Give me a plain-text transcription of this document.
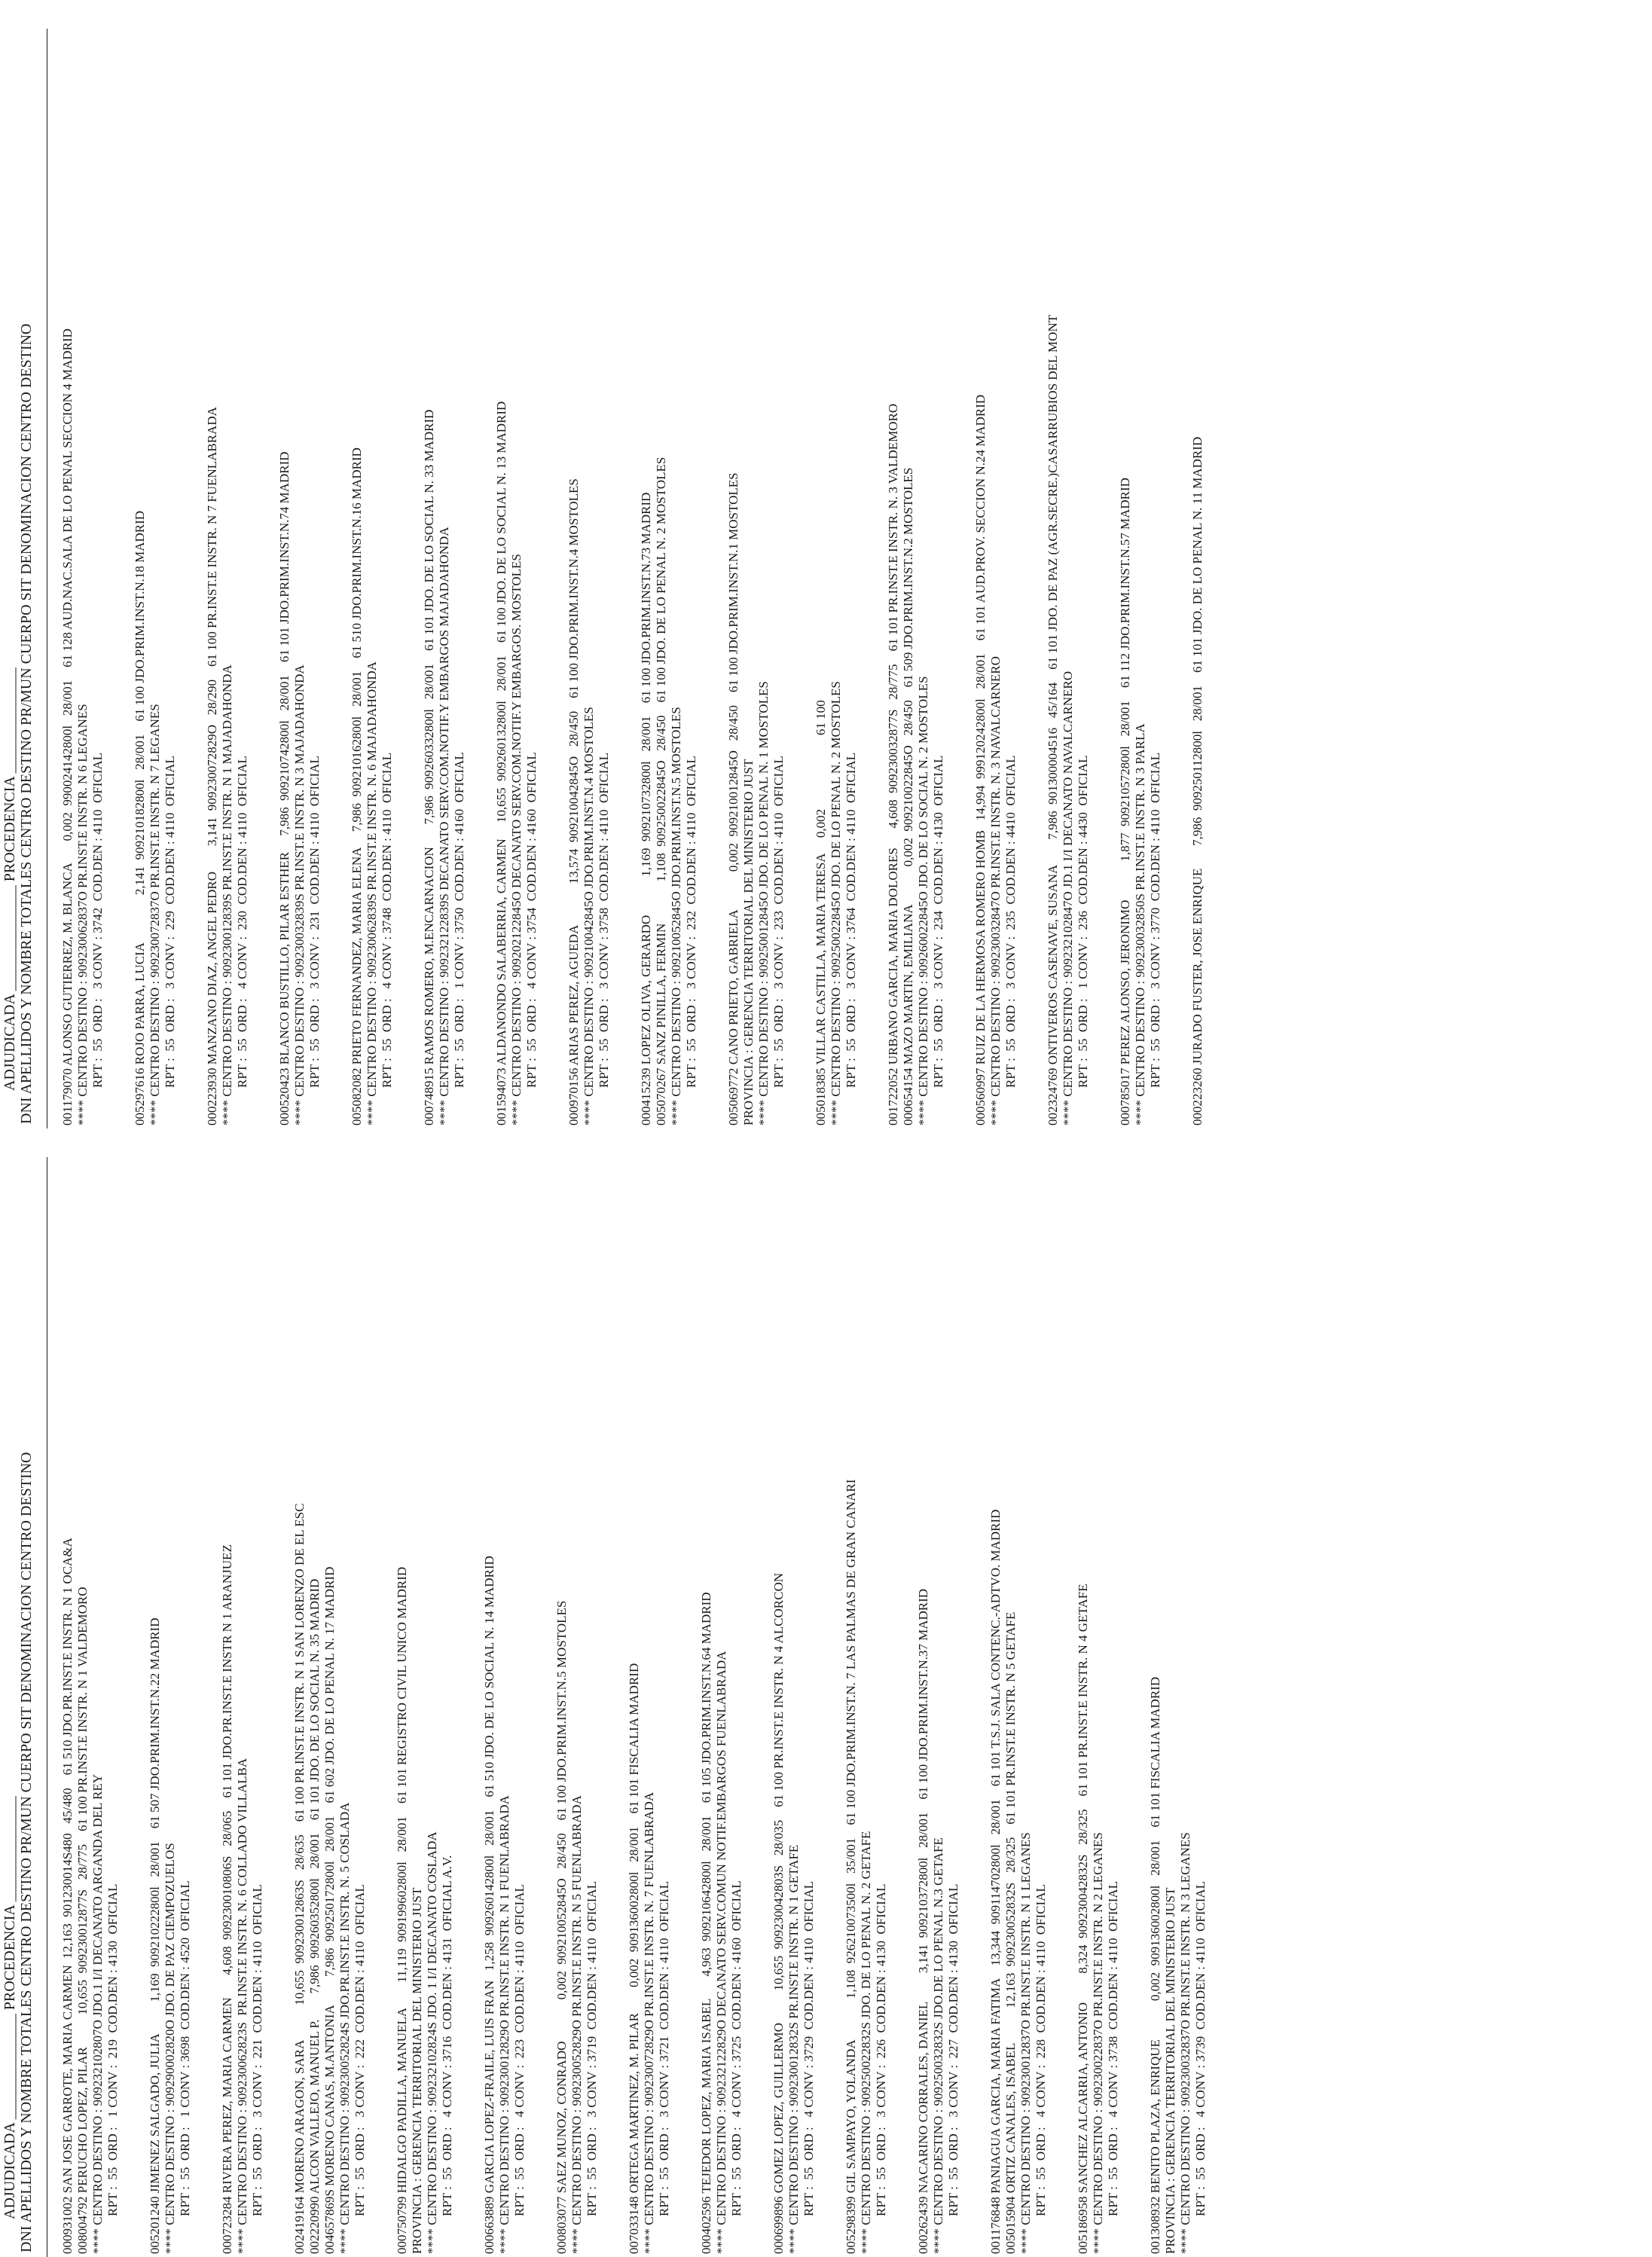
ADJUDICADA ______________ PROCEDENCIA ______________ DNI APELLIDOS Y NOMBRE TOTALES CENTRO DESTINO PR/MUN CUERPO SIT DENOMINACION CENTRO DESTINO 000931002 SAN JOSE GARROTE, MARIA CARMEN  12,163  901230014S480   45/480    61 510 JDO.PR.INST.E INSTR. N 1 OCA&A 008004792 PERUCHO LOPEZ, PILAR          10,655  909230012877S   28/775    61 100 PR.INST.E INSTR. N 1 VALDEMORO **** CENTRO DESTINO : 909232102807O JDO.1 I/I DECANATO ARGANDA DEL REY RPT :  55  ORD :   1 CONV :  219  COD.DEN : 4130  OFICIAL 005201240 JIMENEZ SALGADO, JULIA          1,169  909210222800l   28/001    61 507 JDO.PRIM.INST.N.22 MADRID **** CENTRO DESTINO : 909290002820O JDO. DE PAZ CIEMPOZUELOS RPT :  55  ORD :   1 CONV : 3698  COD.DEN : 4520  OFICIAL 000723284 RIVERA PEREZ, MARIA CARMEN       4,608  909230010806S   28/065    61 101 JDO.PR.INST.E INSTR N 1 ARANJUEZ **** CENTRO DESTINO : 909230062823S  PR.INST.E INSTR. N. 6 COLLADO VILLALBA RPT :  55  ORD :   3 CONV :  221  COD.DEN : 4110  OFICIAL 002419164 MORENO ARAGON, SARA           10,655  909230012863S   28/635    61 100 PR.INST.E INSTR. N 1 SAN LORENZO DE EL ESC 002220990 ALCON VALLEJO, MANUEL P.        7,986  909260352800l   28/001    61 101 JDO. DE LO SOCIAL N. 35 MADRID 004657869S MORENO CANAS, M.ANTONIA         7,986  909250172800l   28/001    61 602 JDO. DE LO PENAL N. 17 MADRID **** CENTRO DESTINO : 909230052824S JDO.PR.INST.E INSTR. N. 5 COSLADA RPT :  55  ORD :   3 CONV :  222  COD.DEN : 4110  OFICIAL 000750799 HIDALGO PADILLA, MANUELA        11,119  909199602800l   28/001    61 101 REGISTRO CIVIL UNICO MADRID PROVINCIA : GERENCIA TERRITORIAL DEL MINISTERIO JUST **** CENTRO DESTINO : 909232102824S JDO. 1 I/I DECANATO COSLADA RPT :  55  ORD :   4 CONV : 3716  COD.DEN : 4131  OFICIAL A.V. 000663889 GARCIA LOPEZ-FRAILE, LUIS FRAN   1,258  909260142800l   28/001    61 510 JDO. DE LO SOCIAL N. 14 MADRID **** CENTRO DESTINO : 909230012829O PR.INST.E INSTR. N 1 FUENLABRADA RPT :  55  ORD :   4 CONV :  223  COD.DEN : 4110  OFICIAL 000803077 SAEZ MUNOZ, CONRADO             0,002  909210052845O   28/450    61 100 JDO.PRIM.INST.N.5 MOSTOLES **** CENTRO DESTINO : 909230052829O PR.INST.E INSTR. N 5 FUENLABRADA RPT :  55  ORD :   3 CONV : 3719  COD.DEN : 4110  OFICIAL 007033148 ORTEGA MARTINEZ, M. PILAR        0,002  909136002800l   28/001    61 101 FISCALIA MADRID **** CENTRO DESTINO : 909230072829O PR.INST.E INSTR. N. 7 FUENLABRADA RPT :  55  ORD :   3 CONV : 3721  COD.DEN : 4110  OFICIAL 000402596 TEJEDOR LOPEZ, MARIA ISABEL       4,963  909210642800l   28/001    61 105 JDO.PRIM.INST.N.64 MADRID **** CENTRO DESTINO : 909232122829O DECANATO SERV.COMUN NOTIF.EMBARGOS FUENLABRADA RPT :  55  ORD :   4 CONV : 3725  COD.DEN : 4160  OFICIAL 000699896 GOMEZ LOPEZ, GUILLERMO          10,655  909230042803S   28/035    61 100 PR.INST.E INSTR. N 4 ALCORCON **** CENTRO DESTINO : 909230012832S PR.INST.E INSTR. N 1 GETAFE RPT :  55  ORD :   4 CONV : 3729  COD.DEN : 4110  OFICIAL 005298399 GIL SAMPAYO, YOLANDA             1,108  926210073500l   35/001    61 100 JDO.PRIM.INST.N. 7 LAS PALMAS DE GRAN CANARI **** CENTRO DESTINO : 909250022832S JDO. DE LO PENAL N. 2 GETAFE RPT :  55  ORD :   3 CONV :  226  COD.DEN : 4130  OFICIAL 000262439 NACARINO CORRALES, DANIEL         3,141  909210372800l   28/001    61 100 JDO.PRIM.INST.N.37 MADRID **** CENTRO DESTINO : 909250032832S JDO.DE LO PENAL N.3 GETAFE RPT :  55  ORD :   3 CONV :  227  COD.DEN : 4130  OFICIAL 001176848 PANIAGUA GARCIA, MARIA FATIMA    13,344  909114702800l   28/001    61 101 T.S.J. SALA CONTENC.-ADTVO. MADRID 005015904 ORTIZ CANALES, ISABEL           12,163  909230052832S   28/325    61 101 PR.INST.E INSTR. N 5 GETAFE **** CENTRO DESTINO : 909230012837O PR.INST.E INSTR. N 1 LEGANES RPT :  55  ORD :   4 CONV :  228  COD.DEN : 4110  OFICIAL 005186958 SANCHEZ ALCARRIA, ANTONIO         8,324  909230042832S   28/325    61 101 PR.INST.E INSTR. N 4 GETAFE **** CENTRO DESTINO : 909230022837O PR.INST.E INSTR. N 2 LEGANES RPT :  55  ORD :   4 CONV : 3738  COD.DEN : 4110  OFICIAL 001308932 BENITO PLAZA, ENRIQUE            0,002  909136002800l   28/001    61 101 FISCALIA MADRID PROVINCIA : GERENCIA TERRITORIAL DEL MINISTERIO JUST **** CENTRO DESTINO : 909230032837O PR.INST.E INSTR. N 3 LEGANES RPT :  55  ORD :   4 CONV : 3739  COD.DEN : 4110  OFICIAL
ADJUDICADA ______________ PROCEDENCIA ______________ DNI APELLIDOS Y NOMBRE TOTALES CENTRO DESTINO PR/MUN CUERPO SIT DENOMINACION CENTRO DESTINO 001179070 ALONSO GUTIERREZ, M. BLANCA       0,002  990024142800l   28/001    61 128 AUD.NAC.SALA DE LO PENAL SECCION 4 MADRID **** CENTRO DESTINO : 909230062837O PR.INST.E INSTR. N 6 LEGANES RPT :  55  ORD :   3 CONV : 3742  COD.DEN : 4110  OFICIAL 005297616 ROJO PARRA, LUCIA               2,141  909210182800l   28/001    61 100 JDO.PRIM.INST.N.18 MADRID **** CENTRO DESTINO : 909230072837O PR.INST.E INSTR. N 7 LEGANES RPT :  55  ORD :   3 CONV :  229  COD.DEN : 4110  OFICIAL 000223930 MANZANO DIAZ, ANGEL PEDRO        3,141  909230072829O   28/290    61 100 PR.INST.E INSTR. N 7 FUENLABRADA **** CENTRO DESTINO : 909230012839S PR.INST.E INSTR. N 1 MAJADAHONDA RPT :  55  ORD :   4 CONV :  230  COD.DEN : 4110  OFICIAL 000520423 BLANCO BUSTILLO, PILAR ESTHER     7,986  909210742800l   28/001    61 101 JDO.PRIM.INST.N.74 MADRID **** CENTRO DESTINO : 909230032839S PR.INST.E INSTR. N 3 MAJADAHONDA RPT :  55  ORD :   3 CONV :  231  COD.DEN : 4110  OFICIAL 005082082 PRIETO FERNANDEZ, MARIA ELENA     7,986  909210162800l   28/001    61 510 JDO.PRIM.INST.N.16 MADRID **** CENTRO DESTINO : 909230062839S PR.INST.E INSTR. N. 6 MAJADAHONDA RPT :  55  ORD :   4 CONV : 3748  COD.DEN : 4110  OFICIAL 000748915 RAMOS ROMERO, M.ENCARNACION       7,986  909260332800l   28/001    61 101 JDO. DE LO SOCIAL N. 33 MADRID **** CENTRO DESTINO : 909232122839S DECANATO SERV.COM.NOTIF.Y EMBARGOS MAJADAHONDA RPT :  55  ORD :   1 CONV : 3750  COD.DEN : 4160  OFICIAL 001594073 ALDANONDO SALABERRIA, CARMEN     10,655  909260132800l   28/001    61 100 JDO. DE LO SOCIAL N. 13 MADRID **** CENTRO DESTINO : 909202122845O DECANATO SERV.COM.NOTIF.Y EMBARGOS. MOSTOLES RPT :  55  ORD :   4 CONV : 3754  COD.DEN : 4160  OFICIAL 000970156 ARIAS PEREZ, AGUEDA             13,574  909210042845O   28/450    61 100 JDO.PRIM.INST.N.4 MOSTOLES **** CENTRO DESTINO : 909210042845O JDO.PRIM.INST.N.4 MOSTOLES RPT :  55  ORD :   3 CONV : 3758  COD.DEN : 4110  OFICIAL 000415239 LOPEZ OLIVA, GERARDO            1,169  909210732800l   28/001    61 100 JDO.PRIM.INST.N.73 MADRID 005070267 SANZ PINILLA, FERMIN             1,108  909250022845O   28/450    61 100 JDO. DE LO PENAL N. 2 MOSTOLES **** CENTRO DESTINO : 909210052845O JDO.PRIM.INST.N.5 MOSTOLES RPT :  55  ORD :   3 CONV :  232  COD.DEN : 4110  OFICIAL 005069772 CANO PRIETO, GABRIELA            0,002  909210012845O   28/450    61 100 JDO.PRIM.INST.N.1 MOSTOLES PROVINCIA : GERENCIA TERRITORIAL DEL MINISTERIO JUST **** CENTRO DESTINO : 909250012845O JDO. DE LO PENAL N. 1 MOSTOLES RPT :  55  ORD :   3 CONV :  233  COD.DEN : 4110  OFICIAL 005018385 VILLAR CASTILLA, MARIA TERESA     0,002                       61 100 **** CENTRO DESTINO : 909250022845O JDO. DE LO PENAL N. 2 MOSTOLES RPT :  55  ORD :   3 CONV : 3764  COD.DEN : 4110  OFICIAL 001722052 URBANO GARCIA, MARIA DOLORES      4,608  909230032877S   28/775    61 101 PR.INST.E INSTR. N. 3 VALDEMORO 000654154 MAZO MARTIN, EMILIANA            0,002  909210022845O   28/450    61 509 JDO.PRIM.INST.N.2 MOSTOLES **** CENTRO DESTINO : 909260022845O JDO. DE LO SOCIAL N. 2 MOSTOLES RPT :  55  ORD :   3 CONV :  234  COD.DEN : 4130  OFICIAL 000560997 RUIZ DE LA HERMOSA ROMERO HOMB   14,994  999120242800l   28/001    61 101 AUD.PROV. SECCION N.24 MADRID **** CENTRO DESTINO : 909230032847O PR.INST.E INSTR. N. 3 NAVALCARNERO RPT :  55  ORD :   3 CONV :  235  COD.DEN : 4410  OFICIAL 002324769 ONTIVEROS CASENAVE, SUSANA        7,986  901300004516   45/164    61 101 JDO. DE PAZ (AGR.SECRE.)CASARRUBIOS DEL MONT **** CENTRO DESTINO : 909232102847O JD.1 I/I DECANATO NAVALCARNERO RPT :  55  ORD :   1 CONV :  236  COD.DEN : 4430  OFICIAL 000785017 PEREZ ALONSO, JERONIMO            1,877  909210572800l   28/001    61 112 JDO.PRIM.INST.N.57 MADRID **** CENTRO DESTINO : 909230032850S PR.INST.E INSTR. N 3 PARLA RPT :  55  ORD :   3 CONV : 3770  COD.DEN : 4110  OFICIAL 000223260 JURADO FUSTER, JOSE ENRIQUE       7,986  909250112800l   28/001    61 101 JDO. DE LO PENAL N. 11 MADRID
